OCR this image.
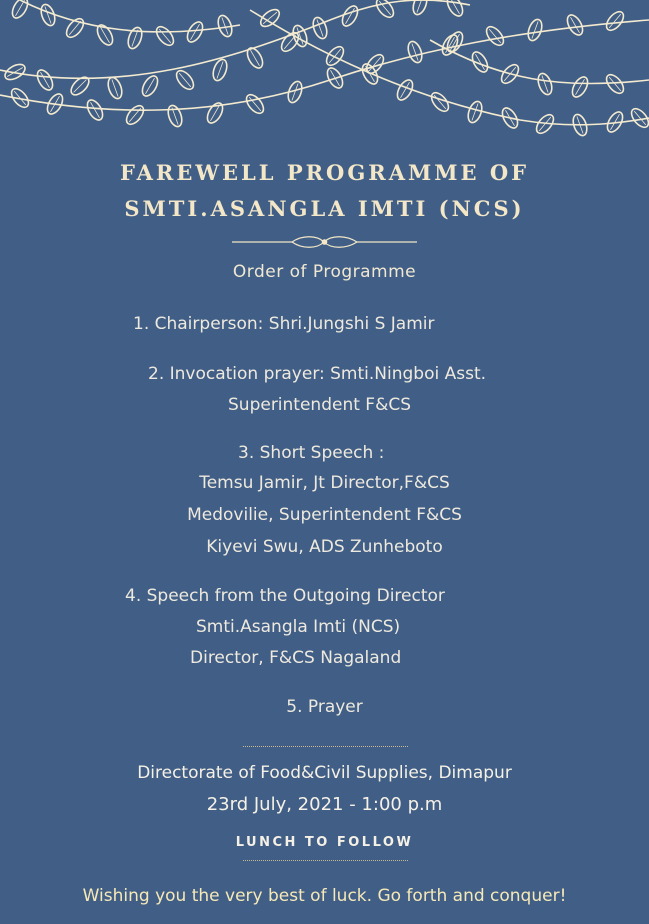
FAREWELL PROGRAMME OF
SMTI.ASANGLA IMTI (NCS)
Order of Programme
1. Chairperson: Shri.Jungshi S Jamir
2. Invocation prayer: Smti.Ningboi Asst.
Superintendent F&CS
3. Short Speech :
Temsu Jamir, Jt Director,F&CS
Medovilie, Superintendent F&CS
Kiyevi Swu, ADS Zunheboto
4. Speech from the Outgoing Director
Smti.Asangla Imti (NCS)
Director, F&CS Nagaland
5. Prayer
Directorate of Food&Civil Supplies, Dimapur
23rd July, 2021 - 1:00 p.m
LUNCH TO FOLLOW
Wishing you the very best of luck. Go forth and conquer!
